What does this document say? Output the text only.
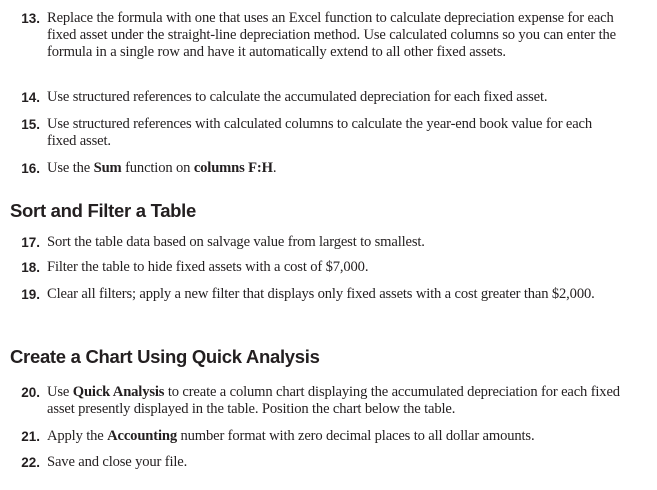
13. Replace the formula with one that uses an Excel function to calculate depreciation expense for each fixed asset under the straight-line depreciation method. Use calculated columns so you can enter the formula in a single row and have it automatically extend to all other fixed assets.
14. Use structured references to calculate the accumulated depreciation for each fixed asset.
15. Use structured references with calculated columns to calculate the year-end book value for each fixed asset.
16. Use the Sum function on columns F:H.
Sort and Filter a Table
17. Sort the table data based on salvage value from largest to smallest.
18. Filter the table to hide fixed assets with a cost of $7,000.
19. Clear all filters; apply a new filter that displays only fixed assets with a cost greater than $2,000.
Create a Chart Using Quick Analysis
20. Use Quick Analysis to create a column chart displaying the accumulated depreciation for each fixed asset presently displayed in the table. Position the chart below the table.
21. Apply the Accounting number format with zero decimal places to all dollar amounts.
22. Save and close your file.
